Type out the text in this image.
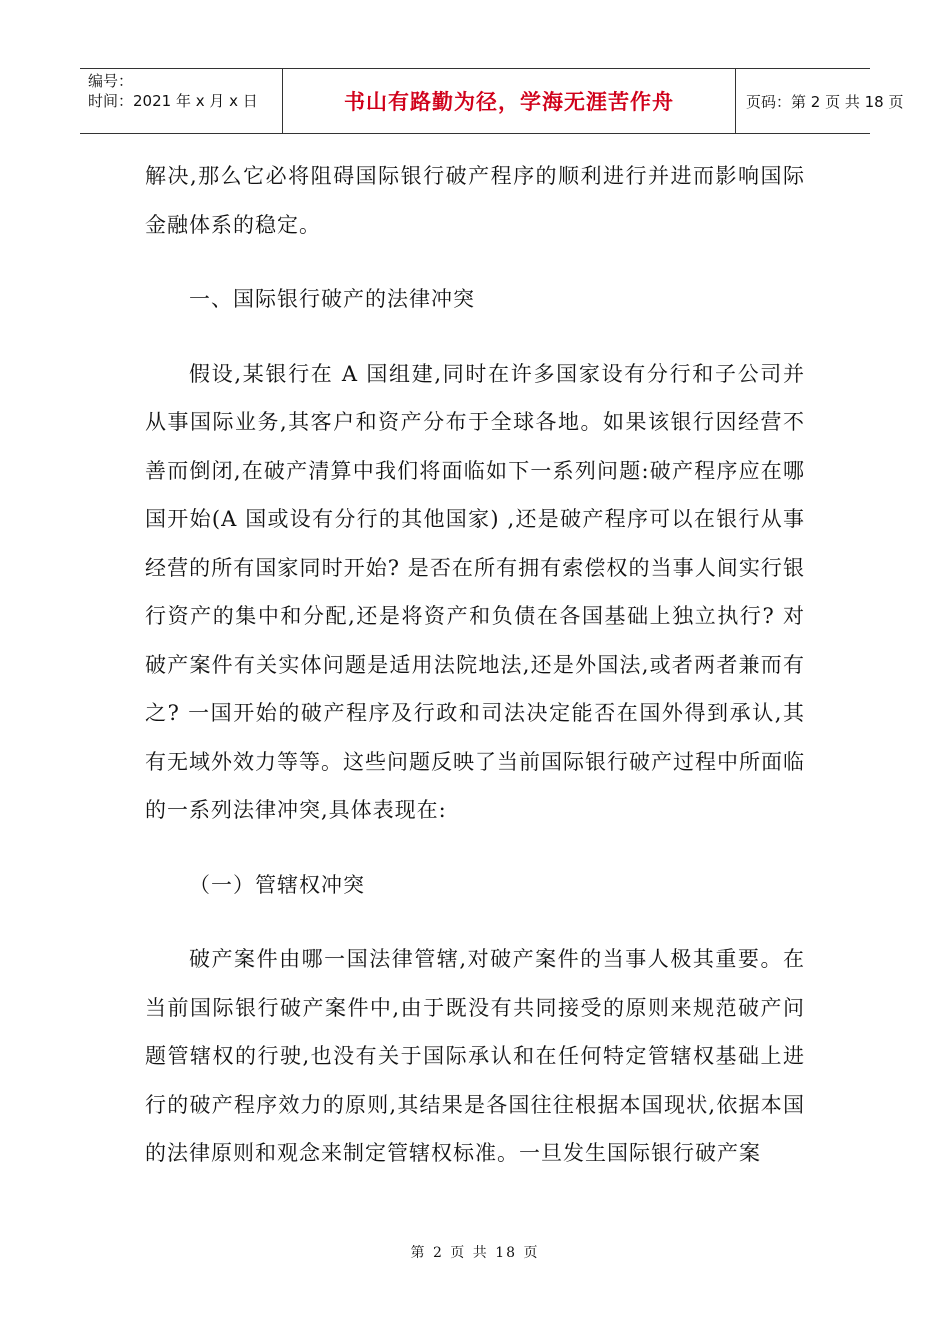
编号：
时间：2021 年 x 月 x 日	书山有路勤为径，学海无涯苦作舟	页码：第 2 页 共 18 页

解决,那么它必将阻碍国际银行破产程序的顺利进行并进而影响国际金融体系的稳定。

一、国际银行破产的法律冲突

假设,某银行在 A 国组建,同时在许多国家设有分行和子公司并从事国际业务,其客户和资产分布于全球各地。如果该银行因经营不善而倒闭,在破产清算中我们将面临如下一系列问题:破产程序应在哪国开始(A 国或设有分行的其他国家) ,还是破产程序可以在银行从事经营的所有国家同时开始? 是否在所有拥有索偿权的当事人间实行银行资产的集中和分配,还是将资产和负债在各国基础上独立执行? 对破产案件有关实体问题是适用法院地法,还是外国法,或者两者兼而有之? 一国开始的破产程序及行政和司法决定能否在国外得到承认,其有无域外效力等等。这些问题反映了当前国际银行破产过程中所面临的一系列法律冲突,具体表现在:

（一）管辖权冲突

破产案件由哪一国法律管辖,对破产案件的当事人极其重要。在当前国际银行破产案件中,由于既没有共同接受的原则来规范破产问题管辖权的行驶,也没有关于国际承认和在任何特定管辖权基础上进行的破产程序效力的原则,其结果是各国往往根据本国现状,依据本国的法律原则和观念来制定管辖权标准。一旦发生国际银行破产案

第 2 页 共 18 页
